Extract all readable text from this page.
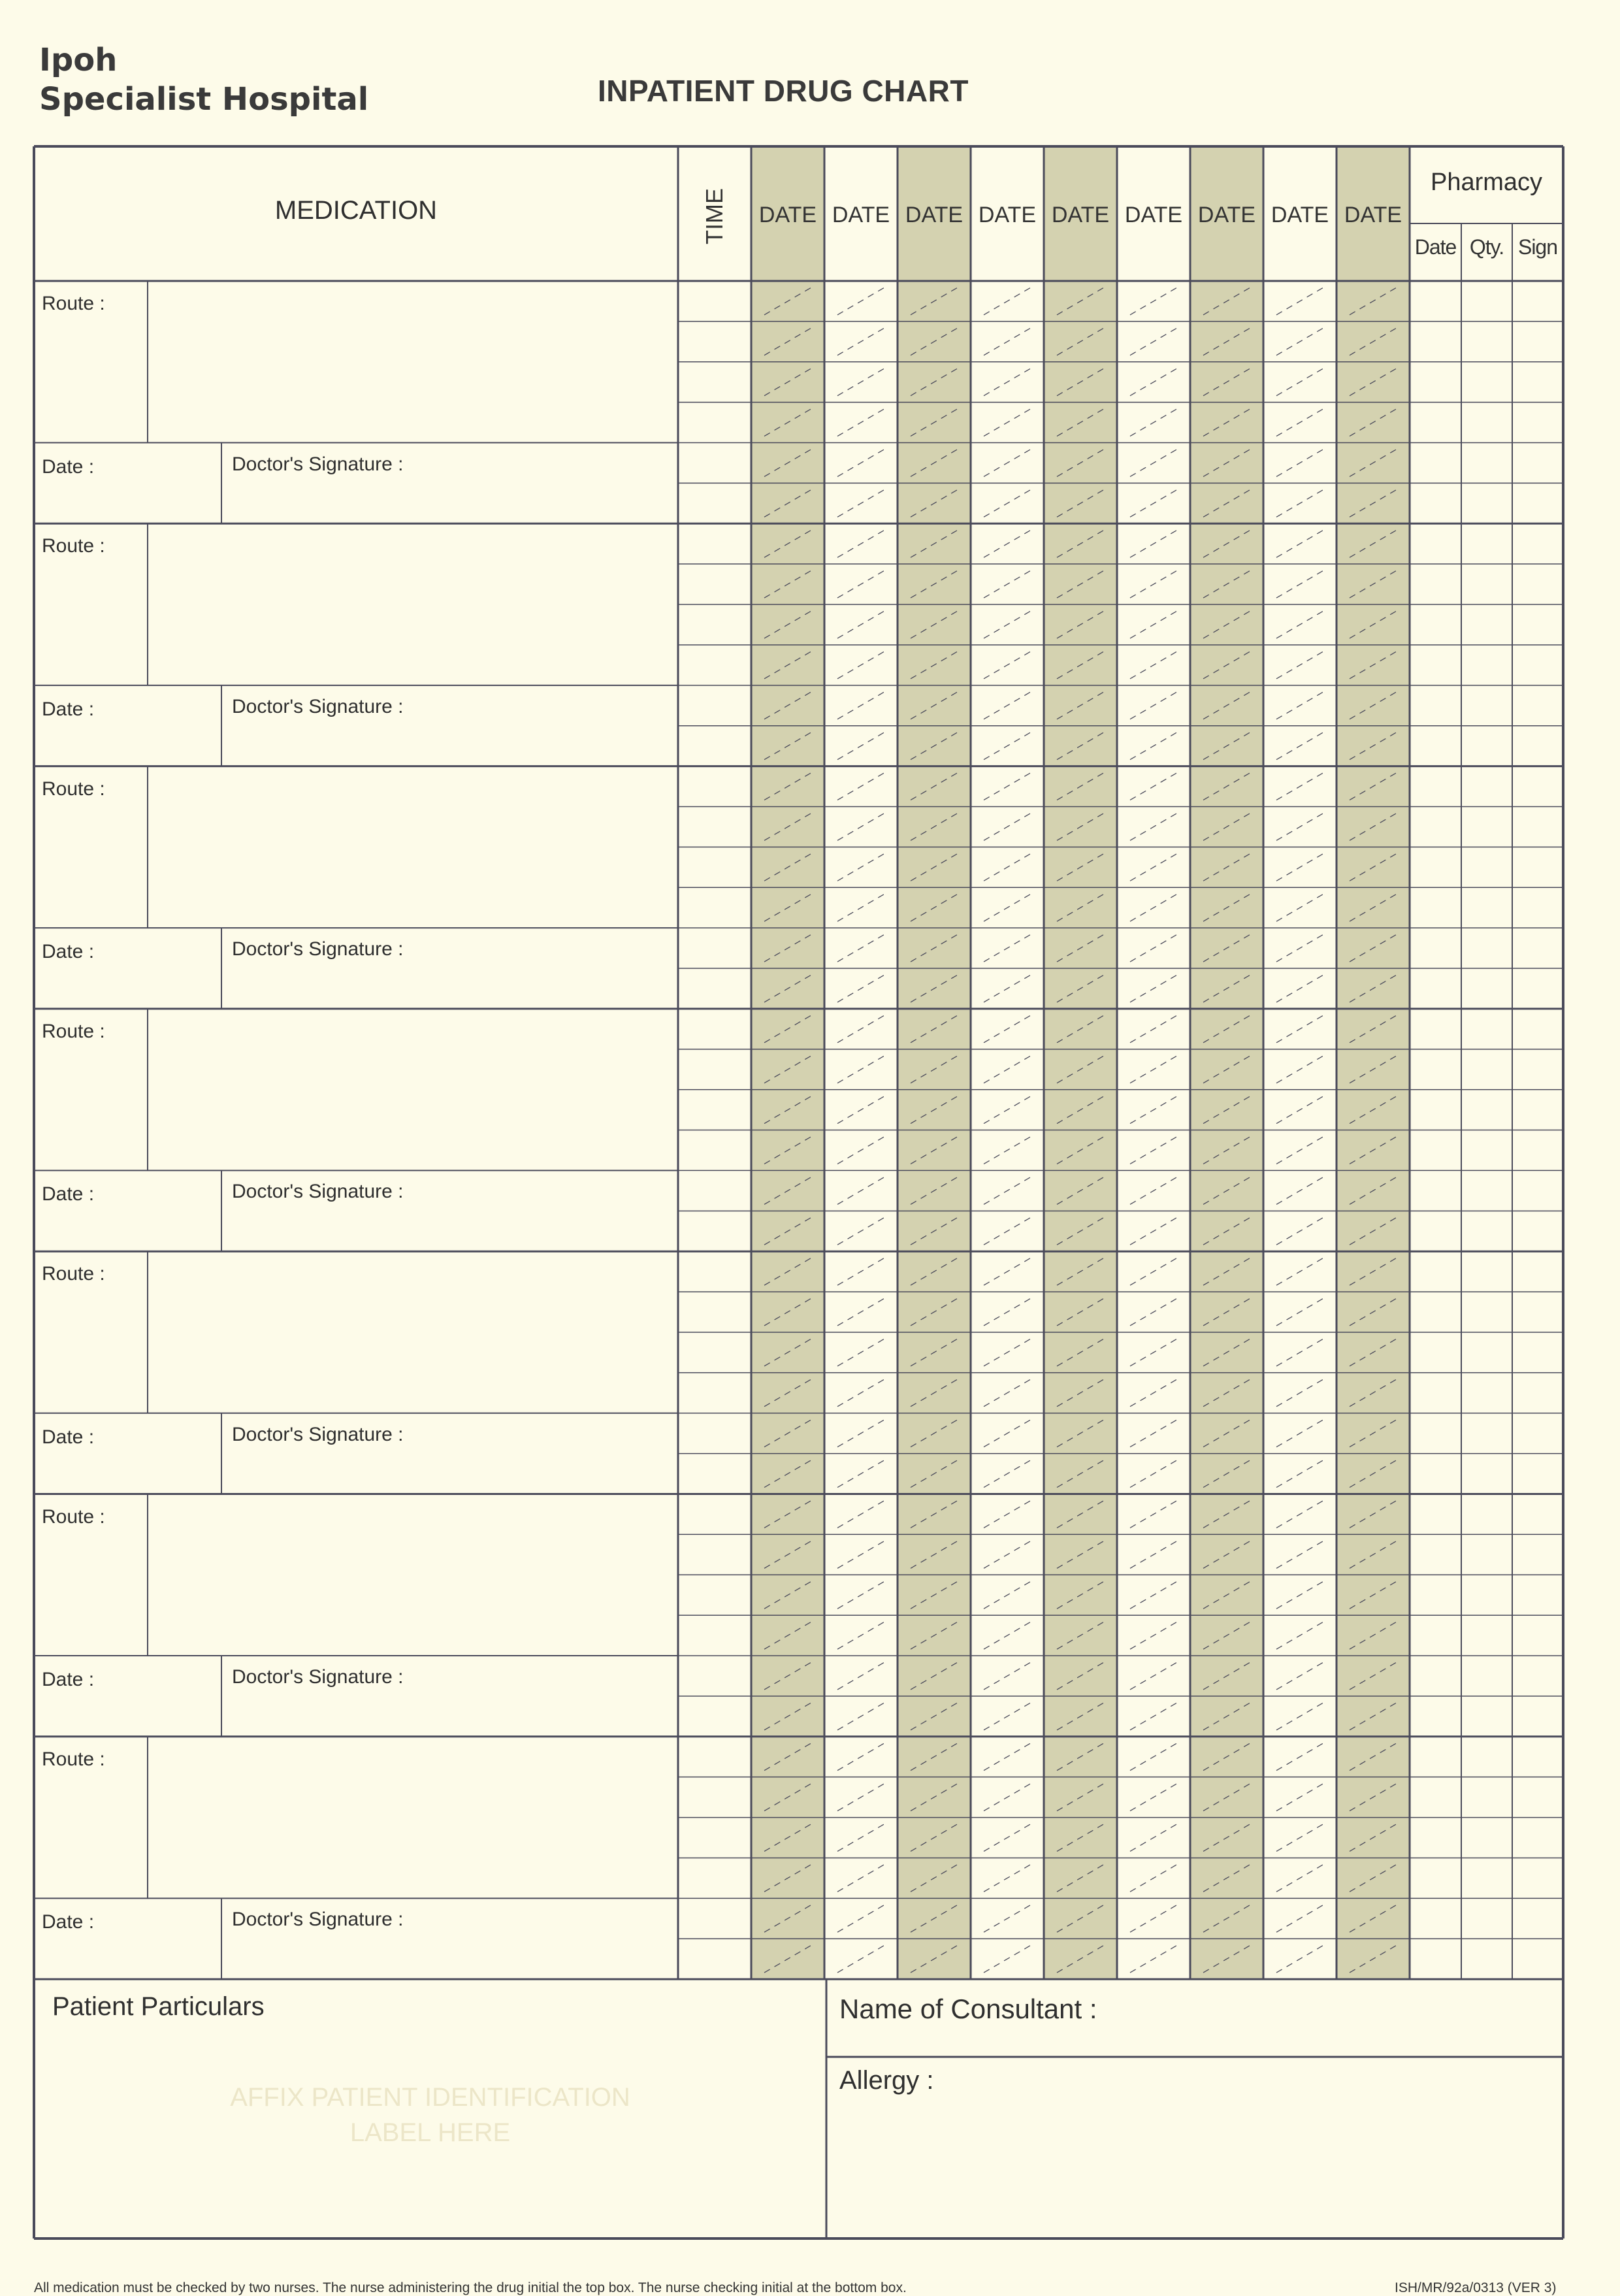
Ipoh
Specialist Hospital	INPATIENT DRUG CHART
MEDICATION	TIME	DATE DATE DATE DATE DATE DATE DATE DATE DATE
Pharmacy
Date Qty. Sign
Route :
Date :	Doctor's Signature :
Route :
Date :	Doctor's Signature :
Route :
Date :	Doctor's Signature :
Route :
Date :	Doctor's Signature :
Route :
Date :	Doctor's Signature :
Route :
Date :	Doctor's Signature :
Route :
Date :	Doctor's Signature :
Patient Particulars
AFFIX PATIENT IDENTIFICATION
LABEL HERE
Name of Consultant :
Allergy :
All medication must be checked by two nurses. The nurse administering the drug initial the top box. The nurse checking initial at the bottom box.	ISH/MR/92a/0313 (VER 3)
